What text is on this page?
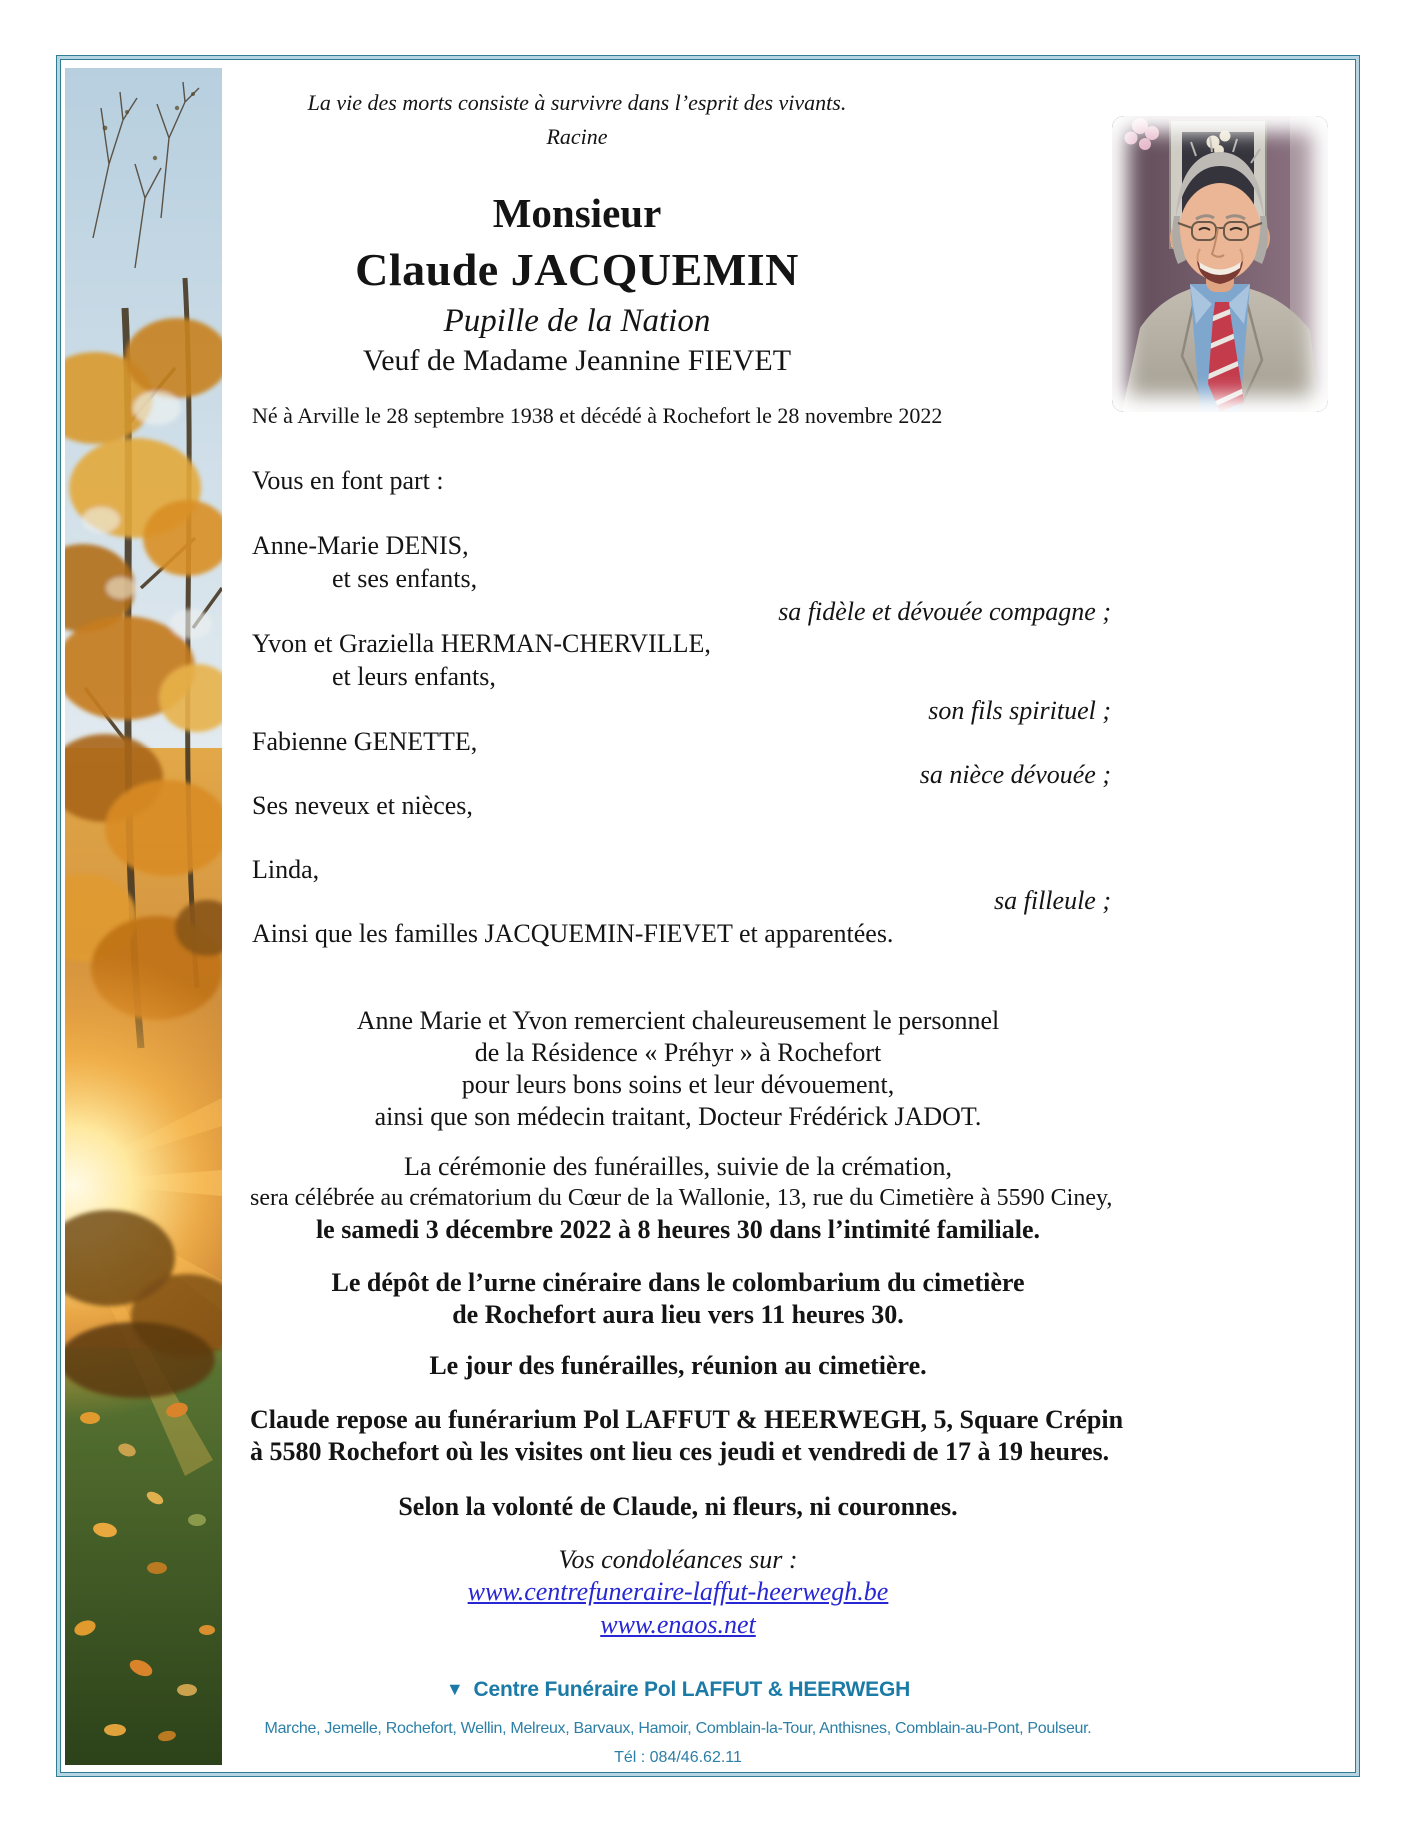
La vie des morts consiste à survivre dans l’esprit des vivants.
Racine
Monsieur
Claude JACQUEMIN
Pupille de la Nation
Veuf de Madame Jeannine FIEVET
Né à Arville le 28 septembre 1938 et décédé à Rochefort le 28 novembre 2022
Vous en font part :
Anne-Marie DENIS,
et ses enfants,
sa fidèle et dévouée compagne ;
Yvon et Graziella HERMAN-CHERVILLE,
et leurs enfants,
son fils spirituel ;
Fabienne GENETTE,
sa nièce dévouée ;
Ses neveux et nièces,
Linda,
sa filleule ;
Ainsi que les familles JACQUEMIN-FIEVET et apparentées.
Anne Marie et Yvon remercient chaleureusement le personnel
de la Résidence « Préhyr » à Rochefort
pour leurs bons soins et leur dévouement,
ainsi que son médecin traitant, Docteur Frédérick JADOT.
La cérémonie des funérailles, suivie de la crémation,
sera célébrée au crématorium du Cœur de la Wallonie, 13, rue du Cimetière à 5590 Ciney,
le samedi 3 décembre 2022 à 8 heures 30 dans l’intimité familiale.
Le dépôt de l’urne cinéraire dans le colombarium du cimetière
de Rochefort aura lieu vers 11 heures 30.
Le jour des funérailles, réunion au cimetière.
Claude repose au funérarium Pol LAFFUT & HEERWEGH, 5, Square Crépin
à 5580 Rochefort où les visites ont lieu ces jeudi et vendredi de 17 à 19 heures.
Selon la volonté de Claude, ni fleurs, ni couronnes.
Vos condoléances sur :
www.centrefuneraire-laffut-heerwegh.be
www.enaos.net
▼ Centre Funéraire Pol LAFFUT & HEERWEGH
Marche, Jemelle, Rochefort, Wellin, Melreux, Barvaux, Hamoir, Comblain-la-Tour, Anthisnes, Comblain-au-Pont, Poulseur.
Tél : 084/46.62.11
